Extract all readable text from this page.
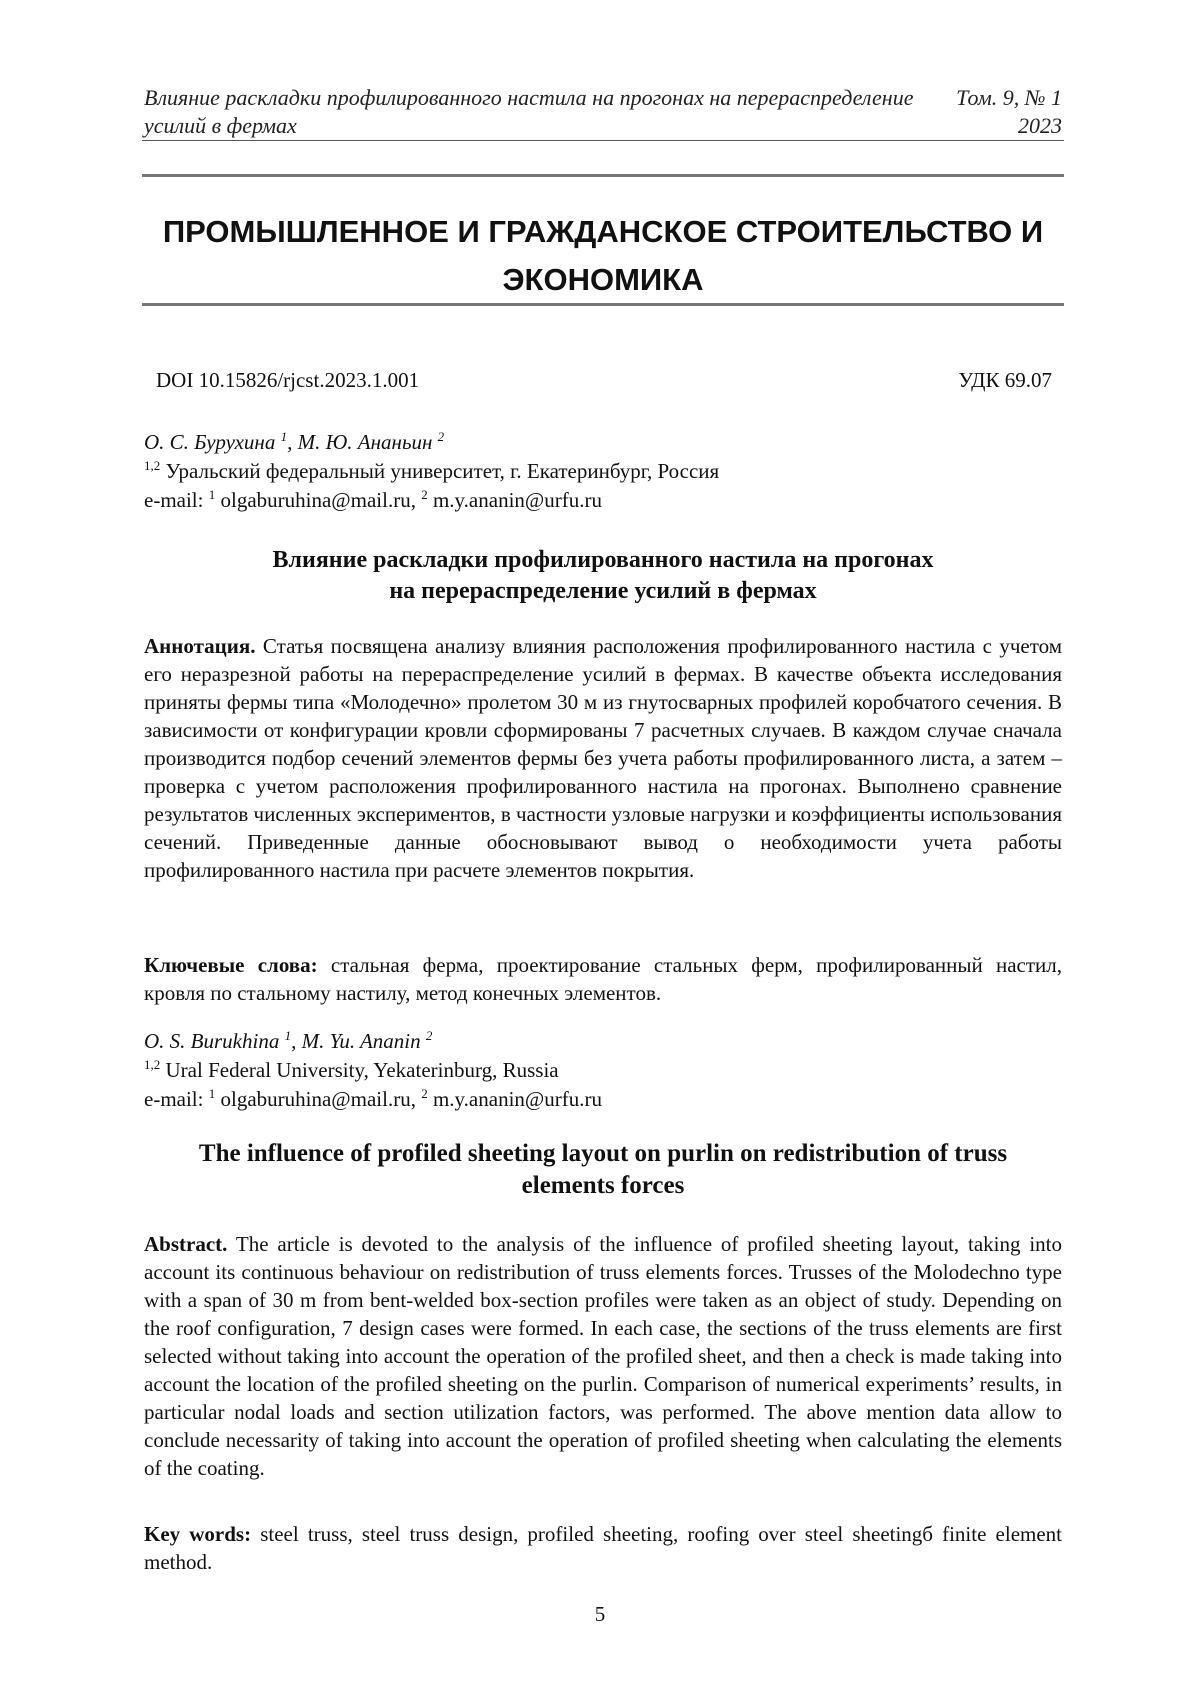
Влияние раскладки профилированного настила на прогонах на перераспределение усилий в фермах
Том. 9, № 1
2023
ПРОМЫШЛЕННОЕ И ГРАЖДАНСКОЕ СТРОИТЕЛЬСТВО И ЭКОНОМИКА
DOI 10.15826/rjcst.2023.1.001	УДК 69.07
О. С. Бурухина $^1$, М. Ю. Ананьин $^2$
$^{1,2}$ Уральский федеральный университет, г. Екатеринбург, Россия
e-mail: $^1$ olgaburuhina@mail.ru, $^2$ m.y.ananin@urfu.ru
Влияние раскладки профилированного настила на прогонах
на перераспределение усилий в фермах
Аннотация. Статья посвящена анализу влияния расположения профилированного настила с учетом его неразрезной работы на перераспределение усилий в фермах. В качестве объекта исследования приняты фермы типа «Молодечно» пролетом 30 м из гнутосварных профилей коробчатого сечения. В зависимости от конфигурации кровли сформированы 7 расчетных случаев. В каждом случае сначала производится подбор сечений элементов фермы без учета работы профилированного листа, а затем – проверка с учетом расположения профилированного настила на прогонах. Выполнено сравнение результатов численных экспериментов, в частности узловые нагрузки и коэффициенты использования сечений. Приведенные данные обосновывают вывод о необходимости учета работы профилированного настила при расчете элементов покрытия.
Ключевые слова: стальная ферма, проектирование стальных ферм, профилированный настил, кровля по стальному настилу, метод конечных элементов.
O. S. Burukhina $^1$, M. Yu. Ananin $^2$
$^{1,2}$ Ural Federal University, Yekaterinburg, Russia
e-mail: $^1$ olgaburuhina@mail.ru, $^2$ m.y.ananin@urfu.ru
The influence of profiled sheeting layout on purlin on redistribution of truss
elements forces
Abstract. The article is devoted to the analysis of the influence of profiled sheeting layout, taking into account its continuous behaviour on redistribution of truss elements forces. Trusses of the Molodechno type with a span of 30 m from bent-welded box-section profiles were taken as an object of study. Depending on the roof configuration, 7 design cases were formed. In each case, the sections of the truss elements are first selected without taking into account the operation of the profiled sheet, and then a check is made taking into account the location of the profiled sheeting on the purlin. Comparison of numerical experiments’ results, in particular nodal loads and section utilization factors, was performed. The above mention data allow to conclude necessarity of taking into account the operation of profiled sheeting when calculating the elements of the coating.
Key words: steel truss, steel truss design, profiled sheeting, roofing over steel sheetingб finite element method.
5
